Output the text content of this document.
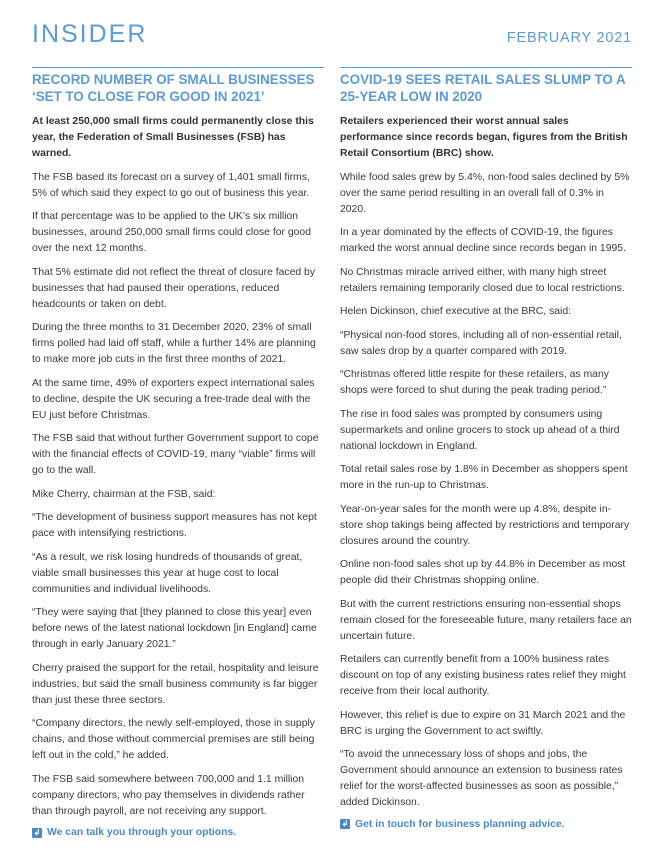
INSIDER	FEBRUARY 2021
RECORD NUMBER OF SMALL BUSINESSES ‘SET TO CLOSE FOR GOOD IN 2021’

At least 250,000 small firms could permanently close this year, the Federation of Small Businesses (FSB) has warned.

The FSB based its forecast on a survey of 1,401 small firms, 5% of which said they expect to go out of business this year.

If that percentage was to be applied to the UK’s six million businesses, around 250,000 small firms could close for good over the next 12 months.

That 5% estimate did not reflect the threat of closure faced by businesses that had paused their operations, reduced headcounts or taken on debt.

During the three months to 31 December 2020, 23% of small firms polled had laid off staff, while a further 14% are planning to make more job cuts in the first three months of 2021.

At the same time, 49% of exporters expect international sales to decline, despite the UK securing a free-trade deal with the EU just before Christmas.

The FSB said that without further Government support to cope with the financial effects of COVID-19, many “viable” firms will go to the wall.

Mike Cherry, chairman at the FSB, said:

“The development of business support measures has not kept pace with intensifying restrictions.

“As a result, we risk losing hundreds of thousands of great, viable small businesses this year at huge cost to local communities and individual livelihoods.

“They were saying that [they planned to close this year] even before news of the latest national lockdown [in England] came through in early January 2021.”

Cherry praised the support for the retail, hospitality and leisure industries, but said the small business community is far bigger than just these three sectors.

“Company directors, the newly self-employed, those in supply chains, and those without commercial premises are still being left out in the cold,” he added.

The FSB said somewhere between 700,000 and 1.1 million company directors, who pay themselves in dividends rather than through payroll, are not receiving any support.

↲ We can talk you through your options.
COVID-19 SEES RETAIL SALES SLUMP TO A 25-YEAR LOW IN 2020

Retailers experienced their worst annual sales performance since records began, figures from the British Retail Consortium (BRC) show.

While food sales grew by 5.4%, non-food sales declined by 5% over the same period resulting in an overall fall of 0.3% in 2020.

In a year dominated by the effects of COVID-19, the figures marked the worst annual decline since records began in 1995.

No Christmas miracle arrived either, with many high street retailers remaining temporarily closed due to local restrictions.

Helen Dickinson, chief executive at the BRC, said:

“Physical non-food stores, including all of non-essential retail, saw sales drop by a quarter compared with 2019.

“Christmas offered little respite for these retailers, as many shops were forced to shut during the peak trading period.”

The rise in food sales was prompted by consumers using supermarkets and online grocers to stock up ahead of a third national lockdown in England.

Total retail sales rose by 1.8% in December as shoppers spent more in the run-up to Christmas.

Year-on-year sales for the month were up 4.8%, despite in-store shop takings being affected by restrictions and temporary closures around the country.

Online non-food sales shot up by 44.8% in December as most people did their Christmas shopping online.

But with the current restrictions ensuring non-essential shops remain closed for the foreseeable future, many retailers face an uncertain future.

Retailers can currently benefit from a 100% business rates discount on top of any existing business rates relief they might receive from their local authority.

However, this relief is due to expire on 31 March 2021 and the BRC is urging the Government to act swiftly.

“To avoid the unnecessary loss of shops and jobs, the Government should announce an extension to business rates relief for the worst-affected businesses as soon as possible,” added Dickinson.

↲ Get in touch for business planning advice.
